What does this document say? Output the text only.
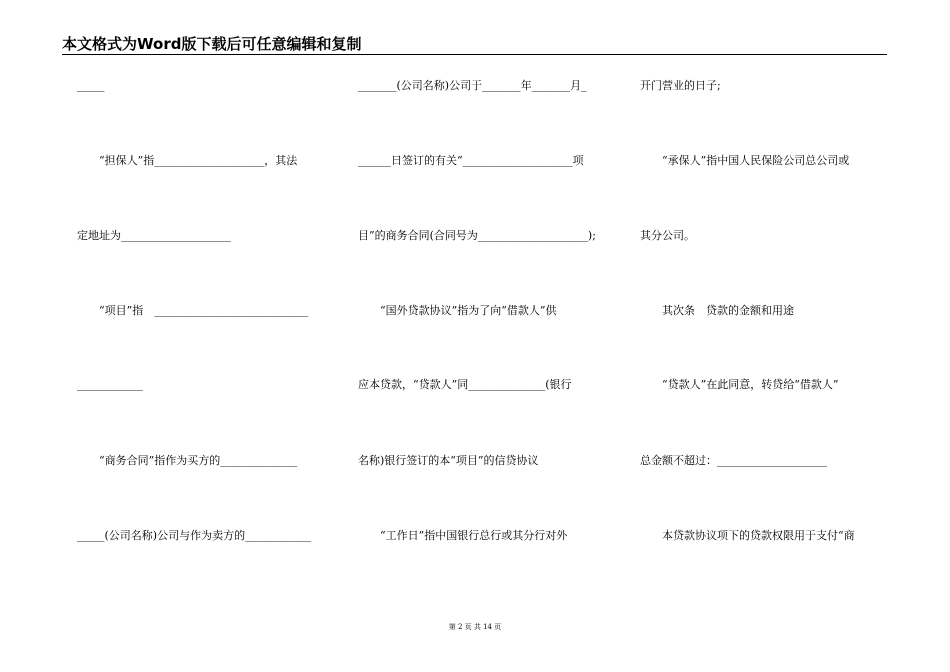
本文格式为Word版下载后可任意编辑和复制
_____
　　“担保人”指____________________，其法
定地址为____________________
　　“项目”指　____________________________
____________
　　“商务合同”指作为买方的______________
_____(公司名称)公司与作为卖方的____________
_______(公司名称)公司于_______年_______月_
______日签订的有关“____________________项
目”的商务合同(合同号为____________________);
　　“国外贷款协议”指为了向“借款人”供
应本贷款，“贷款人”同______________(银行
名称)银行签订的本“项目”的信贷协议
　　“工作日”指中国银行总行或其分行对外
开门营业的日子;
　　“承保人”指中国人民保险公司总公司或
其分公司。
　　其次条　贷款的金额和用途
　　“贷款人”在此同意，转贷给“借款人”
总金额不超过：____________________
　　本贷款协议项下的贷款权限用于支付“商
第 2 页 共 14 页
